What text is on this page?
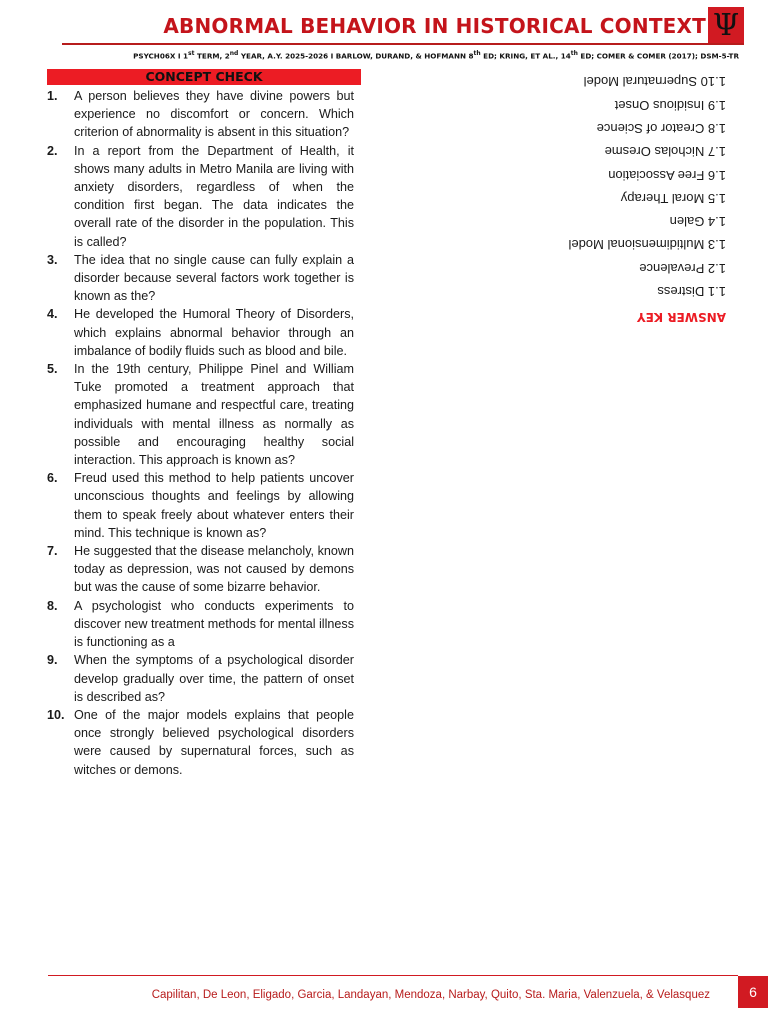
ABNORMAL BEHAVIOR IN HISTORICAL CONTEXT Ψ
PSYCH06X I 1st TERM, 2nd YEAR, A.Y. 2025-2026 I BARLOW, DURAND, & HOFMANN 8th ED; KRING, ET AL., 14th ED; COMER & COMER (2017); DSM-5-TR
CONCEPT CHECK
1.	A person believes they have divine powers but experience no discomfort or concern. Which criterion of abnormality is absent in this situation?
2.	In a report from the Department of Health, it shows many adults in Metro Manila are living with anxiety disorders, regardless of when the condition first began. The data indicates the overall rate of the disorder in the population. This is called?
3.	The idea that no single cause can fully explain a disorder because several factors work together is known as the?
4.	He developed the Humoral Theory of Disorders, which explains abnormal behavior through an imbalance of bodily fluids such as blood and bile.
5.	In the 19th century, Philippe Pinel and William Tuke promoted a treatment approach that emphasized humane and respectful care, treating individuals with mental illness as normally as possible and encouraging healthy social interaction. This approach is known as?
6.	Freud used this method to help patients uncover unconscious thoughts and feelings by allowing them to speak freely about whatever enters their mind. This technique is known as?
7.	He suggested that the disease melancholy, known today as depression, was not caused by demons but was the cause of some bizarre behavior.
8.	A psychologist who conducts experiments to discover new treatment methods for mental illness is functioning as a
9.	When the symptoms of a psychological disorder develop gradually over time, the pattern of onset is described as?
10. One of the major models explains that people once strongly believed psychological disorders were caused by supernatural forces, such as witches or demons.
ANSWER KEY
1.1 Distress
1.2 Prevalence
1.3 Multidimensional Model
1.4 Galen
1.5 Moral Therapy
1.6 Free Association
1.7 Nicholas Oresme
1.8 Creator of Science
1.9 Insidious Onset
1.10 Supernatural Model
Capilitan, De Leon, Eligado, Garcia, Landayan, Mendoza, Narbay, Quito, Sta. Maria, Valenzuela, & Velasquez	6
